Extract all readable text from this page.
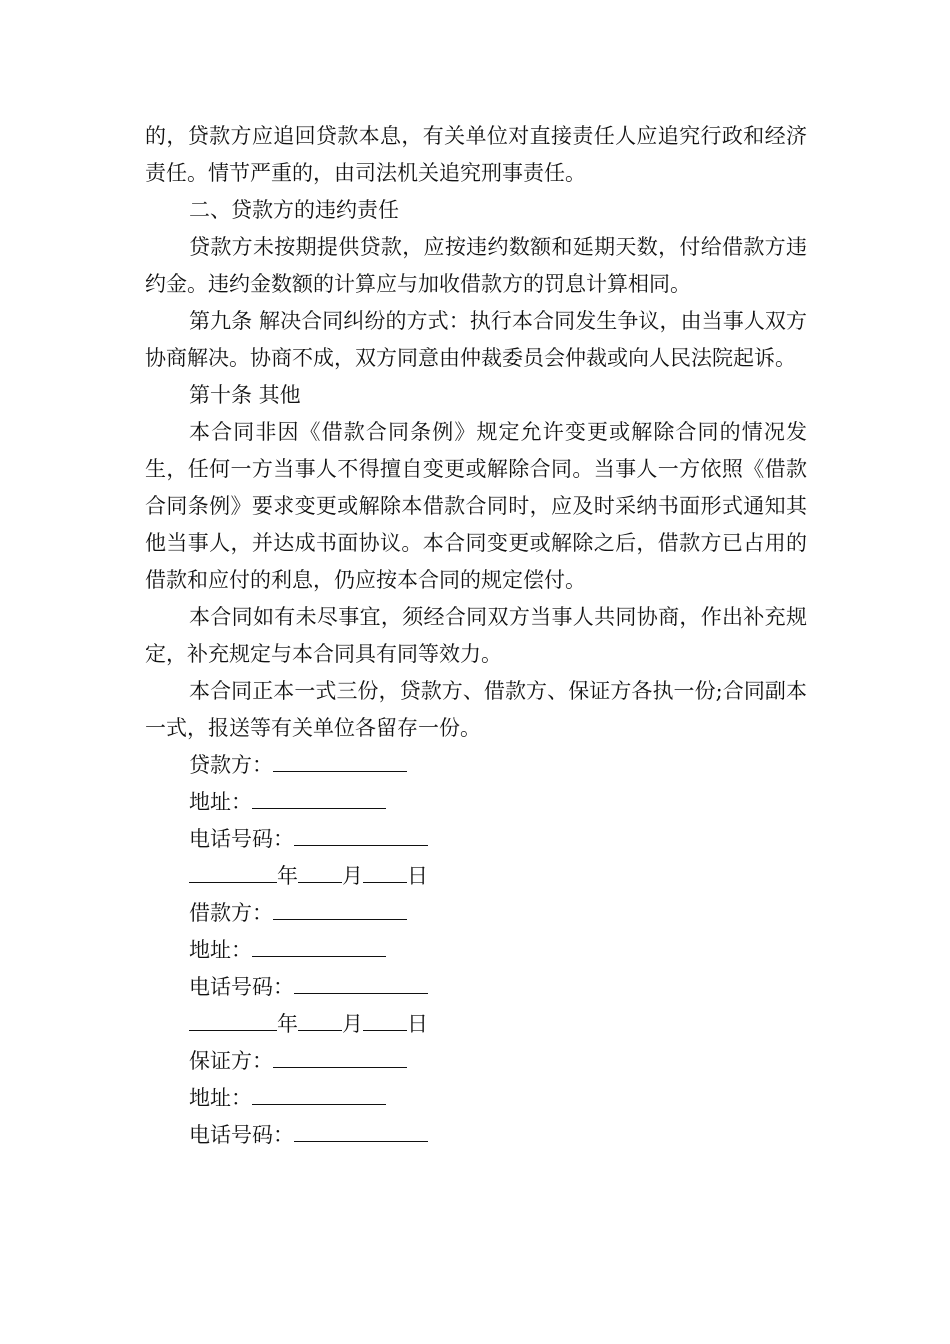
的，贷款方应追回贷款本息，有关单位对直接责任人应追究行政和经济责任。情节严重的，由司法机关追究刑事责任。

二、贷款方的违约责任

贷款方未按期提供贷款，应按违约数额和延期天数，付给借款方违约金。违约金数额的计算应与加收借款方的罚息计算相同。

第九条 解决合同纠纷的方式：执行本合同发生争议，由当事人双方协商解决。协商不成，双方同意由仲裁委员会仲裁或向人民法院起诉。

第十条 其他

本合同非因《借款合同条例》规定允许变更或解除合同的情况发生，任何一方当事人不得擅自变更或解除合同。当事人一方依照《借款合同条例》要求变更或解除本借款合同时，应及时采纳书面形式通知其他当事人，并达成书面协议。本合同变更或解除之后，借款方已占用的借款和应付的利息，仍应按本合同的规定偿付。

本合同如有未尽事宜，须经合同双方当事人共同协商，作出补充规定，补充规定与本合同具有同等效力。

本合同正本一式三份，贷款方、借款方、保证方各执一份;合同副本一式，报送等有关单位各留存一份。

贷款方：

地址：

电话号码：

年 月 日

借款方：

地址：

电话号码：

年 月 日

保证方：

地址：

电话号码：
